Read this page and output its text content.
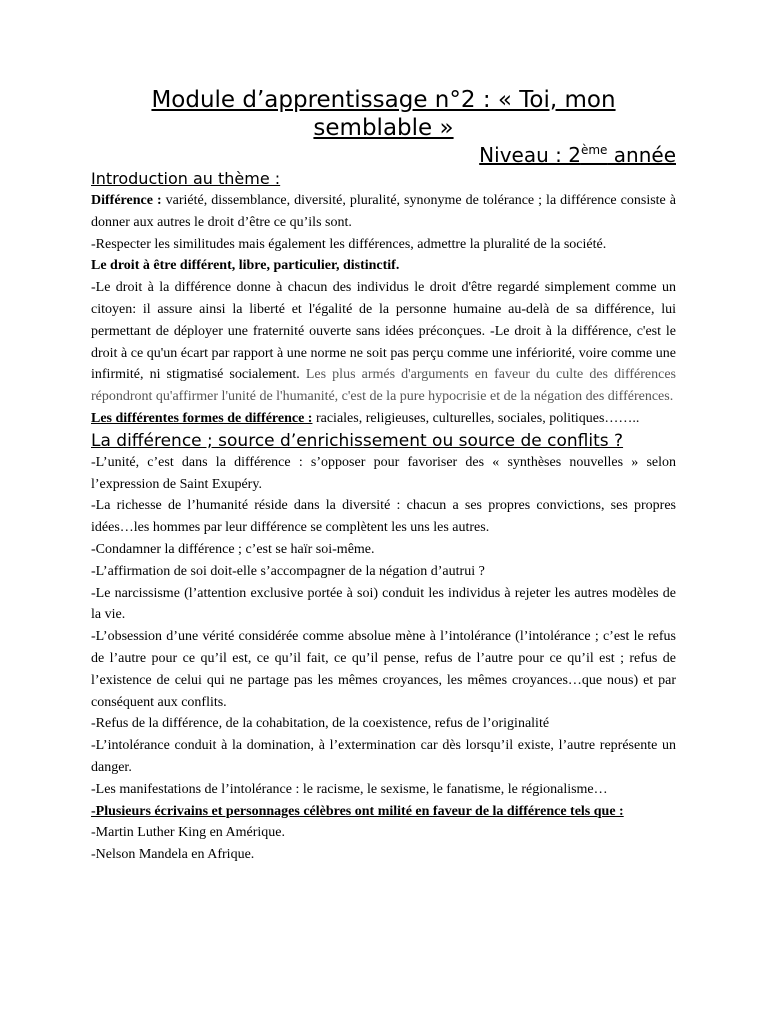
Module d’apprentissage n°2 : « Toi, mon semblable »
Niveau : 2ème année
Introduction au thème :

Différence : variété, dissemblance, diversité, pluralité, synonyme de tolérance ; la différence consiste à donner aux autres le droit d’être ce qu’ils sont.

-Respecter les similitudes mais également les différences, admettre la pluralité de la société.

Le droit à être différent, libre, particulier, distinctif.

-Le droit à la différence donne à chacun des individus le droit d'être regardé simplement comme un citoyen: il assure ainsi la liberté et l'égalité de la personne humaine au-delà de sa différence, lui permettant de déployer une fraternité ouverte sans idées préconçues. -Le droit à la différence, c'est le droit à ce qu'un écart par rapport à une norme ne soit pas perçu comme une infériorité, voire comme une infirmité, ni stigmatisé socialement. Les plus armés d'arguments en faveur du culte des différences répondront qu'affirmer l'unité de l'humanité, c'est de la pure hypocrisie et de la négation des différences.

Les différentes formes de différence : raciales, religieuses, culturelles, sociales, politiques……..

La différence ; source d’enrichissement ou source de conflits ?

-L’unité, c’est dans la différence : s’opposer pour favoriser des « synthèses nouvelles » selon l’expression de Saint Exupéry.

-La richesse de l’humanité réside dans la diversité : chacun a ses propres convictions, ses propres idées…les hommes par leur différence se complètent les uns les autres.

-Condamner la différence ; c’est se haïr soi-même.

-L’affirmation de soi doit-elle s’accompagner de la négation d’autrui ?

-Le narcissisme (l’attention exclusive portée à soi) conduit les individus à rejeter les autres modèles de la vie.

-L’obsession d’une vérité considérée comme absolue mène à l’intolérance (l’intolérance ; c’est le refus de l’autre pour ce qu’il est, ce qu’il fait, ce qu’il pense, refus de l’autre pour ce qu’il est ; refus de l’existence de celui qui ne partage pas les mêmes croyances, les mêmes croyances…que nous) et par conséquent aux conflits.

-Refus de la différence, de la cohabitation, de la coexistence, refus de l’originalité

-L’intolérance conduit à la domination, à l’extermination car dès lorsqu’il existe, l’autre représente un danger.

-Les manifestations de l’intolérance : le racisme, le sexisme, le fanatisme, le régionalisme…

-Plusieurs écrivains et personnages célèbres ont milité en faveur de la différence tels que :

-Martin Luther King en Amérique.

-Nelson Mandela en Afrique.
